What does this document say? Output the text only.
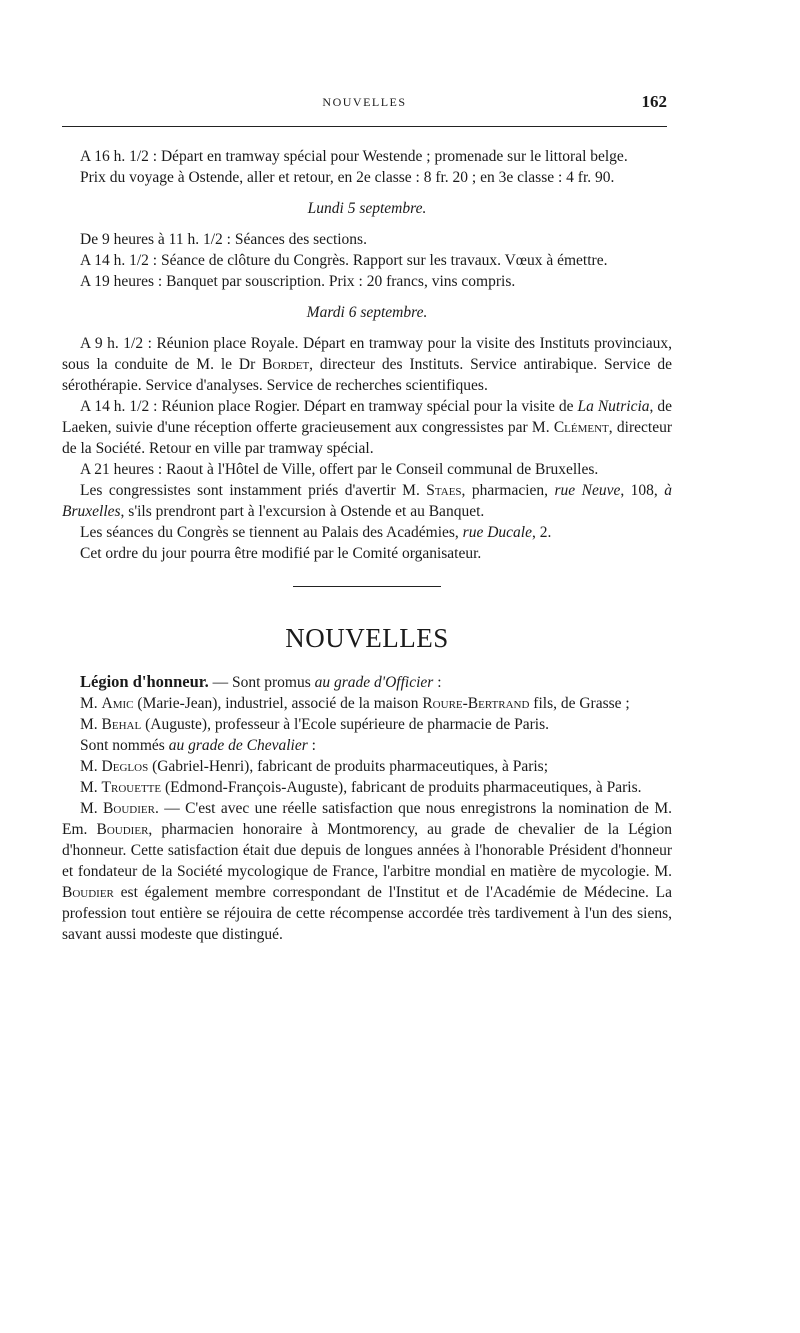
NOUVELLES	162

A 16 h. 1/2 : Départ en tramway spécial pour Westende ; promenade sur le littoral belge.

Prix du voyage à Ostende, aller et retour, en 2e classe : 8 fr. 20 ; en 3e classe : 4 fr. 90.

Lundi 5 septembre.

De 9 heures à 11 h. 1/2 : Séances des sections.

A 14 h. 1/2 : Séance de clôture du Congrès. Rapport sur les travaux. Vœux à émettre.

A 19 heures : Banquet par souscription. Prix : 20 francs, vins compris.

Mardi 6 septembre.

A 9 h. 1/2 : Réunion place Royale. Départ en tramway pour la visite des Instituts provinciaux, sous la conduite de M. le Dr Bordet, directeur des Instituts. Service antirabique. Service de sérothérapie. Service d'analyses. Service de recherches scientifiques.

A 14 h. 1/2 : Réunion place Rogier. Départ en tramway spécial pour la visite de La Nutricia, de Laeken, suivie d'une réception offerte gracieusement aux congressistes par M. Clément, directeur de la Société. Retour en ville par tramway spécial.

A 21 heures : Raout à l'Hôtel de Ville, offert par le Conseil communal de Bruxelles.

Les congressistes sont instamment priés d'avertir M. Staes, pharmacien, rue Neuve, 108, à Bruxelles, s'ils prendront part à l'excursion à Ostende et au Banquet.

Les séances du Congrès se tiennent au Palais des Académies, rue Ducale, 2.

Cet ordre du jour pourra être modifié par le Comité organisateur.

NOUVELLES

Légion d'honneur. — Sont promus au grade d'Officier :

M. Amic (Marie-Jean), industriel, associé de la maison Roure-Bertrand fils, de Grasse ;

M. Behal (Auguste), professeur à l'Ecole supérieure de pharmacie de Paris.

Sont nommés au grade de Chevalier :

M. Deglos (Gabriel-Henri), fabricant de produits pharmaceutiques, à Paris;

M. Trouette (Edmond-François-Auguste), fabricant de produits pharmaceutiques, à Paris.

M. Boudier. — C'est avec une réelle satisfaction que nous enregistrons la nomination de M. Em. Boudier, pharmacien honoraire à Montmorency, au grade de chevalier de la Légion d'honneur. Cette satisfaction était due depuis de longues années à l'honorable Président d'honneur et fondateur de la Société mycologique de France, l'arbitre mondial en matière de mycologie. M. Boudier est également membre correspondant de l'Institut et de l'Académie de Médecine. La profession tout entière se réjouira de cette récompense accordée très tardivement à l'un des siens, savant aussi modeste que distingué.
